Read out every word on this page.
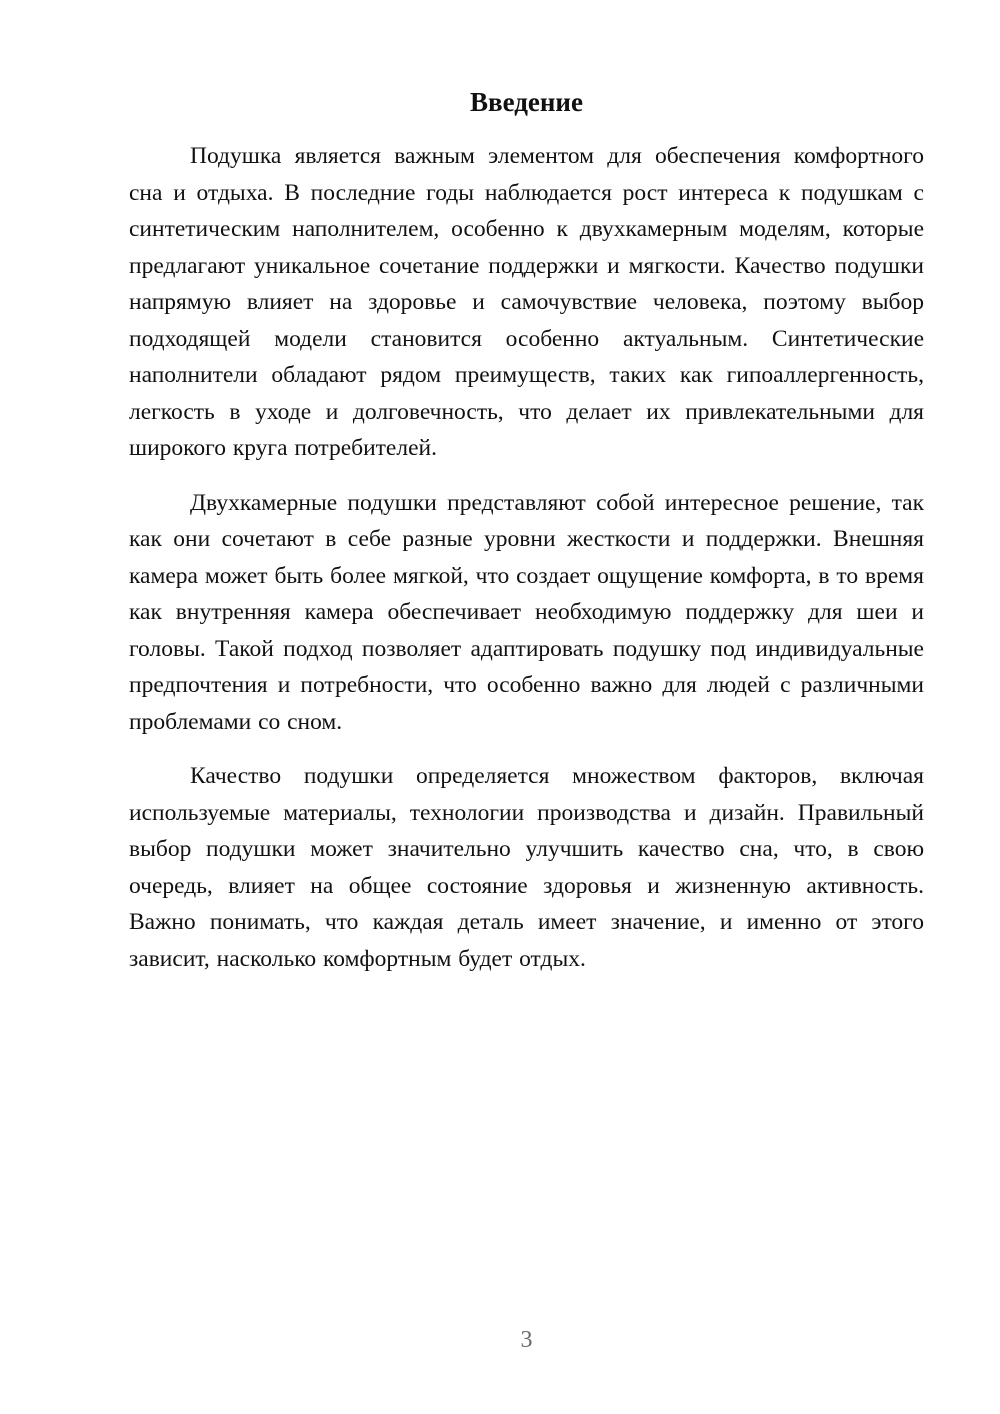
Введение

Подушка является важным элементом для обеспечения комфортного сна и отдыха. В последние годы наблюдается рост интереса к подушкам с синтетическим наполнителем, особенно к двухкамерным моделям, которые предлагают уникальное сочетание поддержки и мягкости. Качество подушки напрямую влияет на здоровье и самочувствие человека, поэтому выбор подходящей модели становится особенно актуальным. Синтетические наполнители обладают рядом преимуществ, таких как гипоаллергенность, легкость в уходе и долговечность, что делает их привлекательными для широкого круга потребителей.

Двухкамерные подушки представляют собой интересное решение, так как они сочетают в себе разные уровни жесткости и поддержки. Внешняя камера может быть более мягкой, что создает ощущение комфорта, в то время как внутренняя камера обеспечивает необходимую поддержку для шеи и головы. Такой подход позволяет адаптировать подушку под индивидуальные предпочтения и потребности, что особенно важно для людей с различными проблемами со сном.

Качество подушки определяется множеством факторов, включая используемые материалы, технологии производства и дизайн. Правильный выбор подушки может значительно улучшить качество сна, что, в свою очередь, влияет на общее состояние здоровья и жизненную активность. Важно понимать, что каждая деталь имеет значение, и именно от этого зависит, насколько комфортным будет отдых.

3
